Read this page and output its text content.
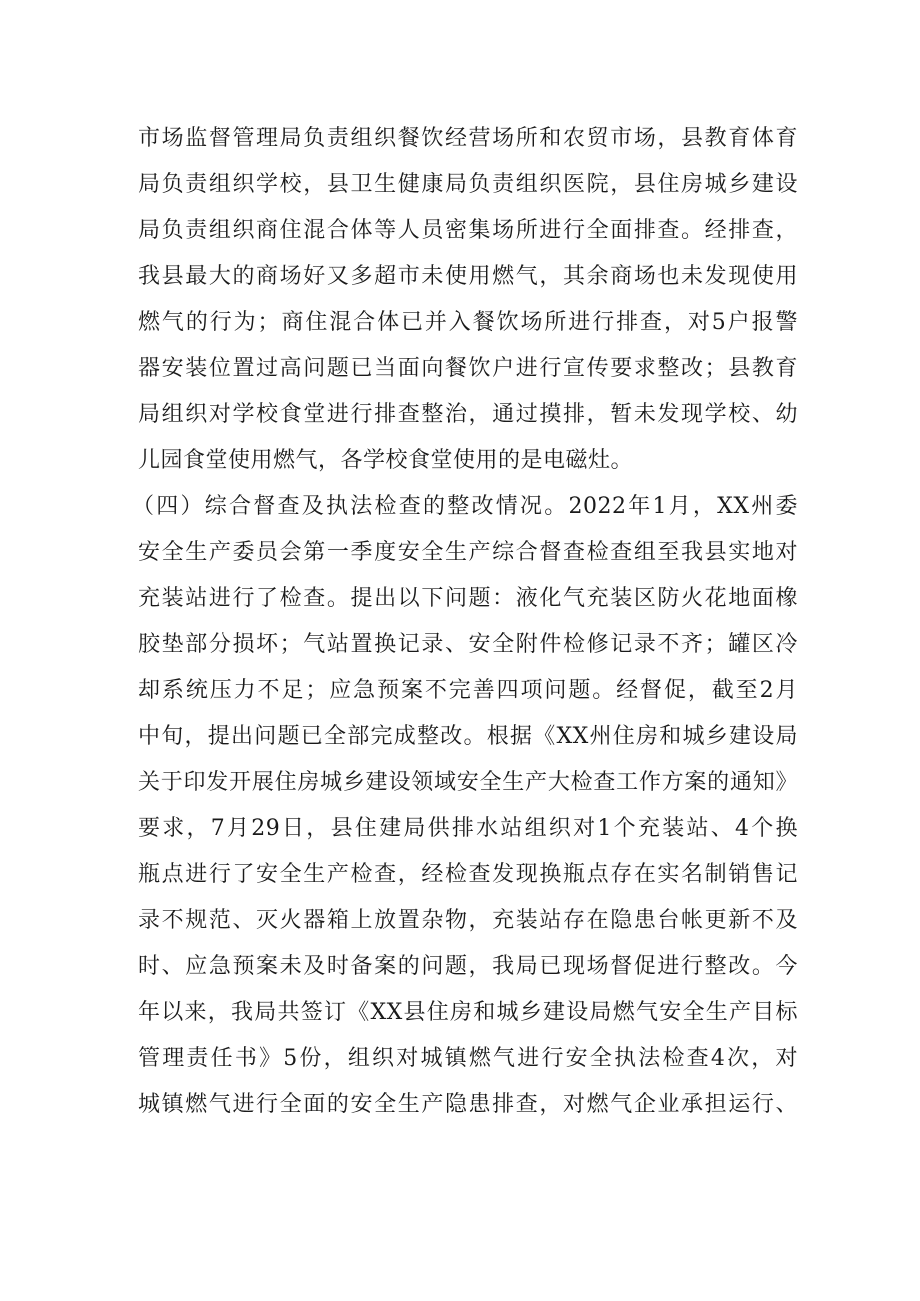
市场监督管理局负责组织餐饮经营场所和农贸市场，县教育体育
局负责组织学校，县卫生健康局负责组织医院，县住房城乡建设
局负责组织商住混合体等人员密集场所进行全面排查。经排查，
我县最大的商场好又多超市未使用燃气，其余商场也未发现使用
燃气的行为；商住混合体已并入餐饮场所进行排查，对5户报警
器安装位置过高问题已当面向餐饮户进行宣传要求整改；县教育
局组织对学校食堂进行排查整治，通过摸排，暂未发现学校、幼
儿园食堂使用燃气，各学校食堂使用的是电磁灶。
（四）综合督查及执法检查的整改情况。2022年1月，XX州委
安全生产委员会第一季度安全生产综合督查检查组至我县实地对
充装站进行了检查。提出以下问题：液化气充装区防火花地面橡
胶垫部分损坏；气站置换记录、安全附件检修记录不齐；罐区冷
却系统压力不足；应急预案不完善四项问题。经督促，截至2月
中旬，提出问题已全部完成整改。根据《XX州住房和城乡建设局
关于印发开展住房城乡建设领域安全生产大检查工作方案的通知》
要求，7月29日，县住建局供排水站组织对1个充装站、4个换
瓶点进行了安全生产检查，经检查发现换瓶点存在实名制销售记
录不规范、灭火器箱上放置杂物，充装站存在隐患台帐更新不及
时、应急预案未及时备案的问题，我局已现场督促进行整改。今
年以来，我局共签订《XX县住房和城乡建设局燃气安全生产目标
管理责任书》5份，组织对城镇燃气进行安全执法检查4次，对
城镇燃气进行全面的安全生产隐患排查，对燃气企业承担运行、
